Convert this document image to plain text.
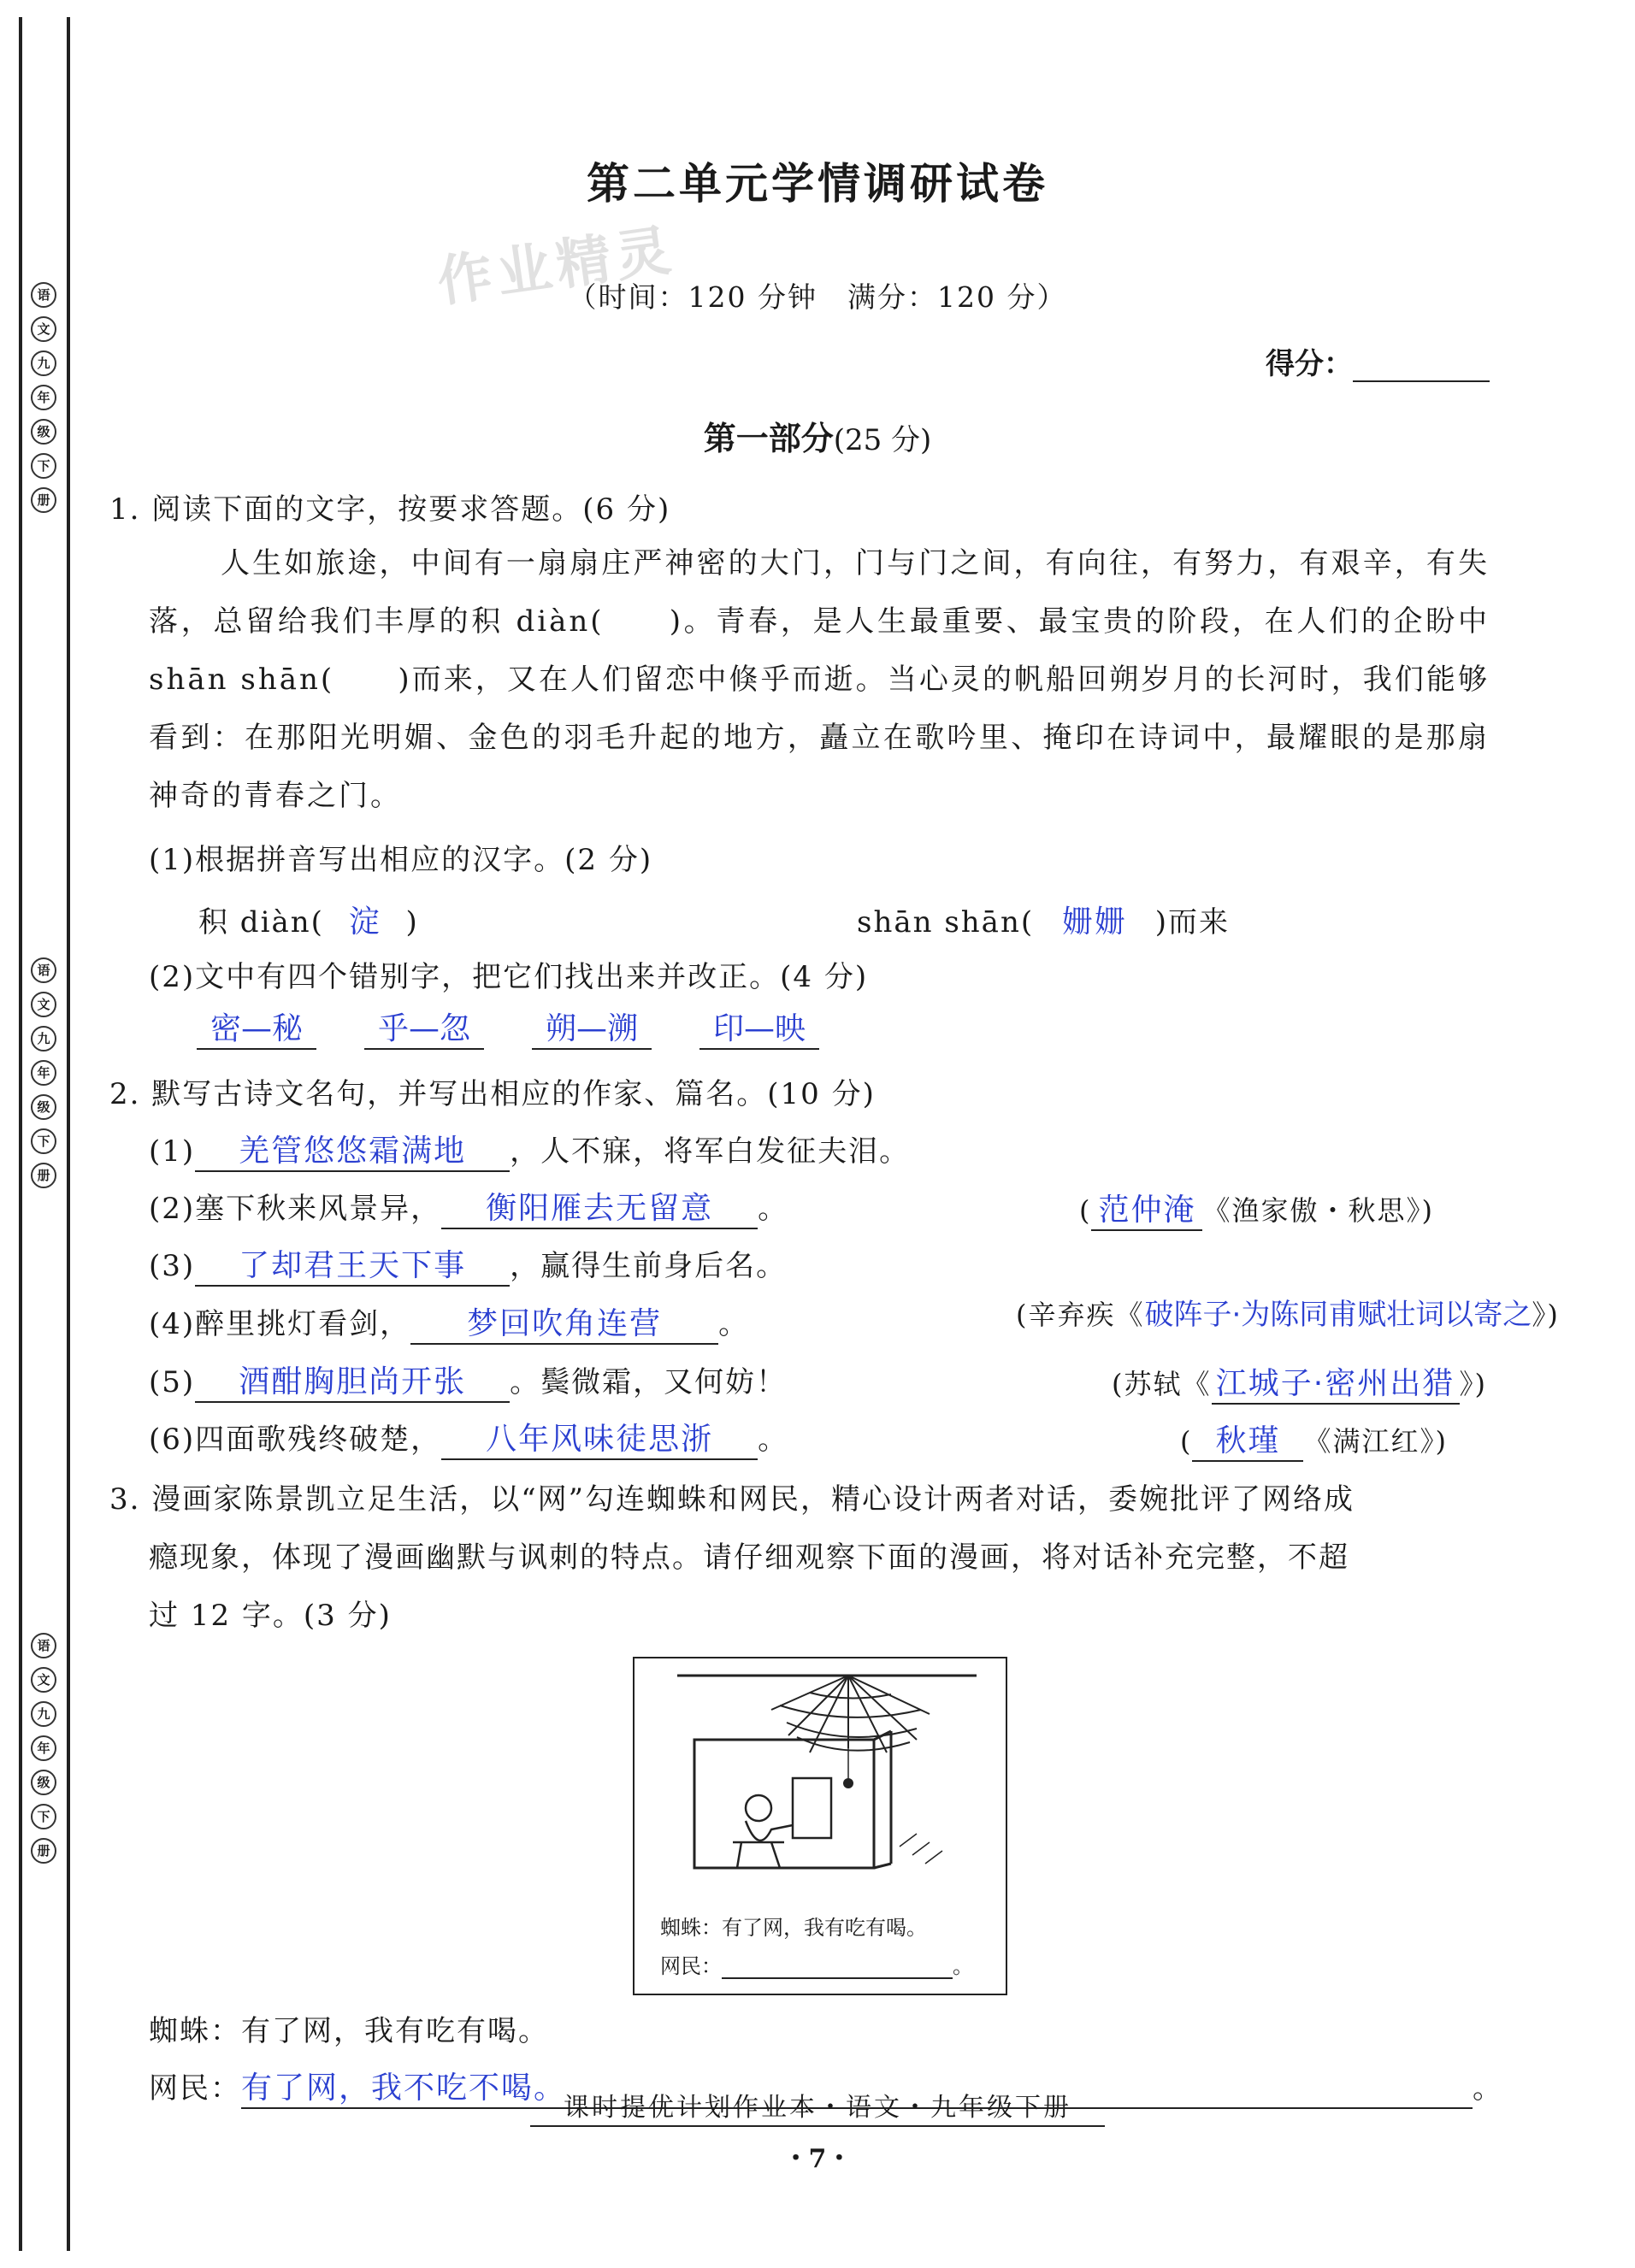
语
文
九
年
级
下
册
语
文
九
年
级
下
册
语
文
九
年
级
下
册
第二单元学情调研试卷
作业精灵
（时间：120 分钟　满分：120 分）
得分：
第一部分(25 分)
1. 阅读下面的文字，按要求答题。(6 分)
人生如旅途，中间有一扇扇庄严神密的大门，门与门之间，有向往，有努力，有艰辛，有失落，总留给我们丰厚的积 diàn(　　)。青春，是人生最重要、最宝贵的阶段，在人们的企盼中 shān shān(　　)而来，又在人们留恋中倏乎而逝。当心灵的帆船回朔岁月的长河时，我们能够看到：在那阳光明媚、金色的羽毛升起的地方，矗立在歌吟里、掩印在诗词中，最耀眼的是那扇神奇的青春之门。
(1)根据拼音写出相应的汉字。(2 分)
积 diàn( 淀 )	shān shān( 姗姗 )而来
(2)文中有四个错别字，把它们找出来并改正。(4 分)
密—秘	乎—忽	朔—溯	印—映
2. 默写古诗文名句，并写出相应的作家、篇名。(10 分)
(1) 羌管悠悠霜满地 ，人不寐，将军白发征夫泪。
(2)塞下秋来风景异， 衡阳雁去无留意 。	( 范仲淹 《渔家傲・秋思》)
(3) 了却君王天下事 ，赢得生前身后名。
(4)醉里挑灯看剑， 梦回吹角连营 。	(辛弃疾《破阵子·为陈同甫赋壮词以寄之》)
(5) 酒酣胸胆尚开张 。鬓微霜，又何妨！	(苏轼《 江城子·密州出猎 》)
(6)四面歌残终破楚， 八年风味徒思浙 。	( 秋瑾 《满江红》)
3. 漫画家陈景凯立足生活，以“网”勾连蜘蛛和网民，精心设计两者对话，委婉批评了网络成
瘾现象，体现了漫画幽默与讽刺的特点。请仔细观察下面的漫画，将对话补充完整，不超
过 12 字。(3 分)
蜘蛛：有了网，我有吃有喝。
网民：	。
蜘蛛：有了网，我有吃有喝。
网民：有了网，我不吃不喝。	。
课时提优计划作业本・语文・九年级下册
・7・
